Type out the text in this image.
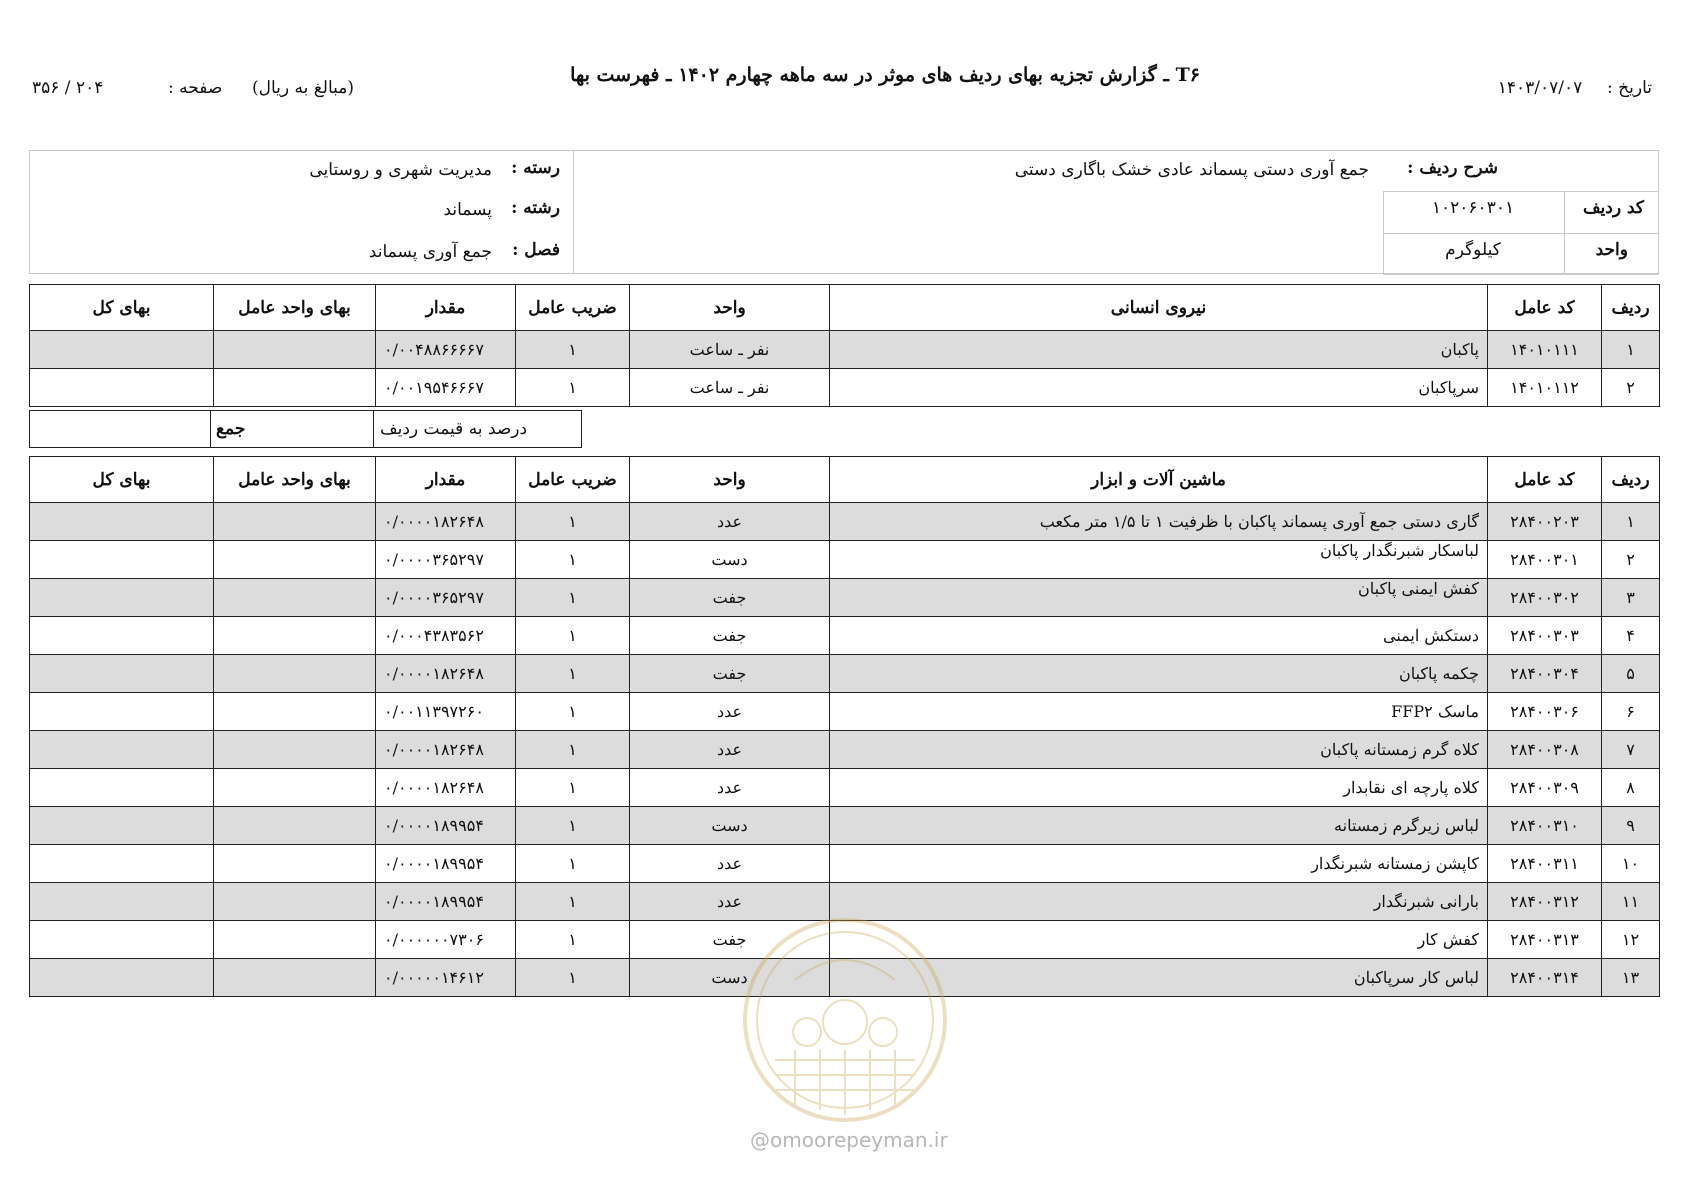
تاریخ :  ۱۴۰۳/۰۷/۰۷
T۶ ـ گزارش تجزیه بهای ردیف های موثر در سه ماهه چهارم ۱۴۰۲ ـ فهرست بها
(مبالغ به ریال)
صفحه :
۲۰۴ / ۳۵۶
شرح ردیف :
جمع آوری دستی پسماند عادی خشک باگاری دستی
کد ردیف
۱۰۲۰۶۰۳۰۱
واحد
کیلوگرم
رسته :
مدیریت شهری و روستایی
رشته :
پسماند
فصل :
جمع آوری پسماند
ردیف	کد عامل	نیروی انسانی	واحد	ضریب عامل	مقدار	بهای واحد عامل	بهای کل
۱	۱۴۰۱۰۱۱۱	پاکبان	نفر ـ ساعت	۱	۰/۰۰۴۸۸۶۶۶۶۷		
۲	۱۴۰۱۰۱۱۲	سرپاکبان	نفر ـ ساعت	۱	۰/۰۰۱۹۵۴۶۶۶۷		
جمع	درصد به قیمت ردیف
ردیف	کد عامل	ماشین آلات و ابزار	واحد	ضریب عامل	مقدار	بهای واحد عامل	بهای کل
۱	۲۸۴۰۰۲۰۳	گاری دستی جمع آوری پسماند پاکبان با ظرفیت ۱ تا ۱/۵ متر مکعب	عدد	۱	۰/۰۰۰۰۱۸۲۶۴۸		
۲	۲۸۴۰۰۳۰۱	لباسکار شبرنگدار پاکبان	دست	۱	۰/۰۰۰۰۳۶۵۲۹۷		
۳	۲۸۴۰۰۳۰۲	کفش ایمنی پاکبان	جفت	۱	۰/۰۰۰۰۳۶۵۲۹۷		
۴	۲۸۴۰۰۳۰۳	دستکش ایمنی	جفت	۱	۰/۰۰۰۴۳۸۳۵۶۲		
۵	۲۸۴۰۰۳۰۴	چکمه پاکبان	جفت	۱	۰/۰۰۰۰۱۸۲۶۴۸		
۶	۲۸۴۰۰۳۰۶	ماسک FFP۲	عدد	۱	۰/۰۰۱۱۳۹۷۲۶۰		
۷	۲۸۴۰۰۳۰۸	کلاه گرم زمستانه پاکبان	عدد	۱	۰/۰۰۰۰۱۸۲۶۴۸		
۸	۲۸۴۰۰۳۰۹	کلاه پارچه ای نقابدار	عدد	۱	۰/۰۰۰۰۱۸۲۶۴۸		
۹	۲۸۴۰۰۳۱۰	لباس زیرگرم زمستانه	دست	۱	۰/۰۰۰۰۱۸۹۹۵۴		
۱۰	۲۸۴۰۰۳۱۱	کاپشن زمستانه شبرنگدار	عدد	۱	۰/۰۰۰۰۱۸۹۹۵۴		
۱۱	۲۸۴۰۰۳۱۲	بارانی شبرنگدار	عدد	۱	۰/۰۰۰۰۱۸۹۹۵۴		
۱۲	۲۸۴۰۰۳۱۳	کفش کار	جفت	۱	۰/۰۰۰۰۰۰۷۳۰۶		
۱۳	۲۸۴۰۰۳۱۴	لباس کار سرپاکبان	دست	۱	۰/۰۰۰۰۰۱۴۶۱۲		
@omoorepeyman.ir
